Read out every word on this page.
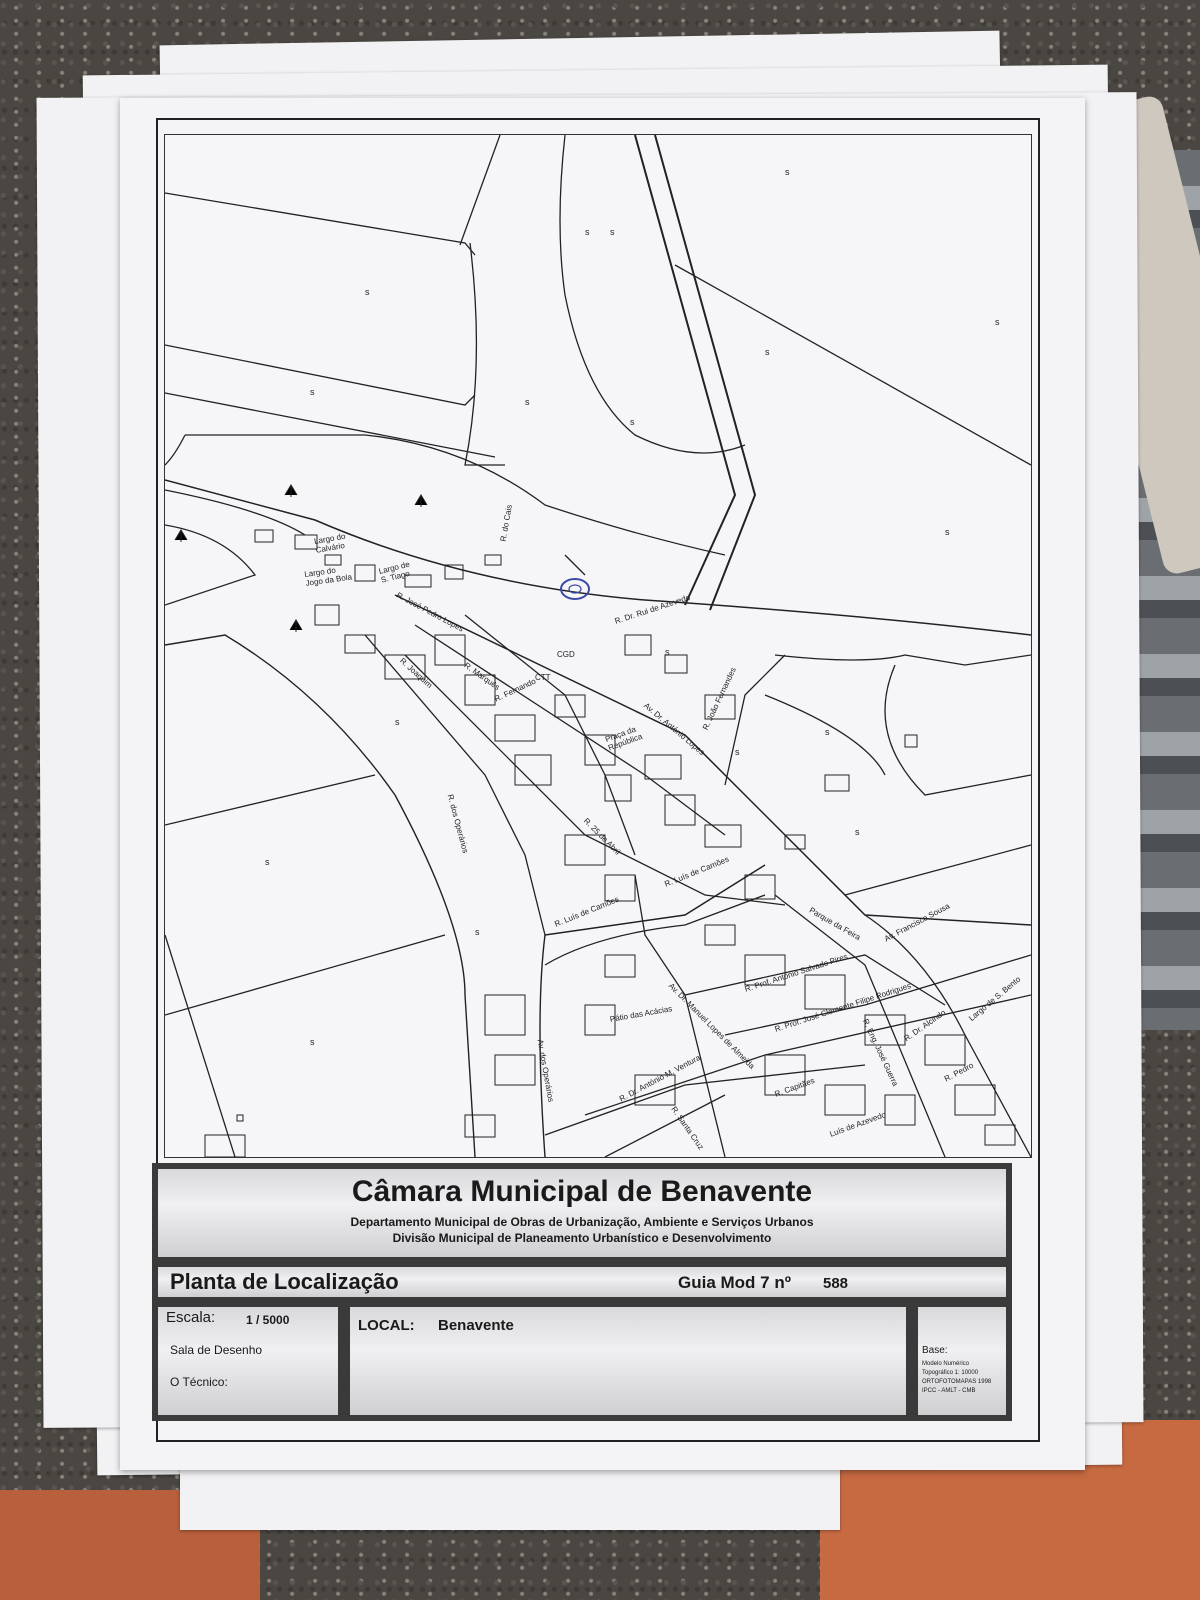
s
s
s
s
s
s
s
s
s
s
s
s
s
s
s
s
s
s
Largo do Calvário
Largo do Jogo da Bola
Largo de S. Tiago
R. José Pedro Lopes
R. do Cais
R. Dr. Rui de Azevedo
R. Joaquim	R. Marquês
R. Fernando
CGD
CTT
Praça da República
Av. Dr. António Lopes
R. João Fernandes
R. dos Operários	R. 25 de Abril
R. Luís de Camões
R. Luís de Camões
Av. Dr. Manuel Lopes de Almeida
R. Prof. António Salvado Pires
R. Prof. José Clemente Filipe Rodrigues
Pátio das Acácias
R. Dr. António M. Ventura
R. Santa Cruz
Av. dos Operários
Parque da Feira
R. Eng. José Guerra
R. Capitães
Luís de Azevedo
Av. Francisco Sousa
Largo de S. Bento
R. Dr. Alcindo
R. Pedro
Câmara Municipal de Benavente
Departamento Municipal de Obras de Urbanização, Ambiente e Serviços Urbanos
Divisão Municipal de Planeamento Urbanístico e Desenvolvimento
Planta de Localização	Guia Mod 7 nº 588
Escala:	1 / 5000
Sala de Desenho
O Técnico:
LOCAL: Benavente
Base:
Modelo Numérico
Topográfico 1: 10000
ORTOFOTOMAPAS 1998
IPCC - AMLT - CMB
